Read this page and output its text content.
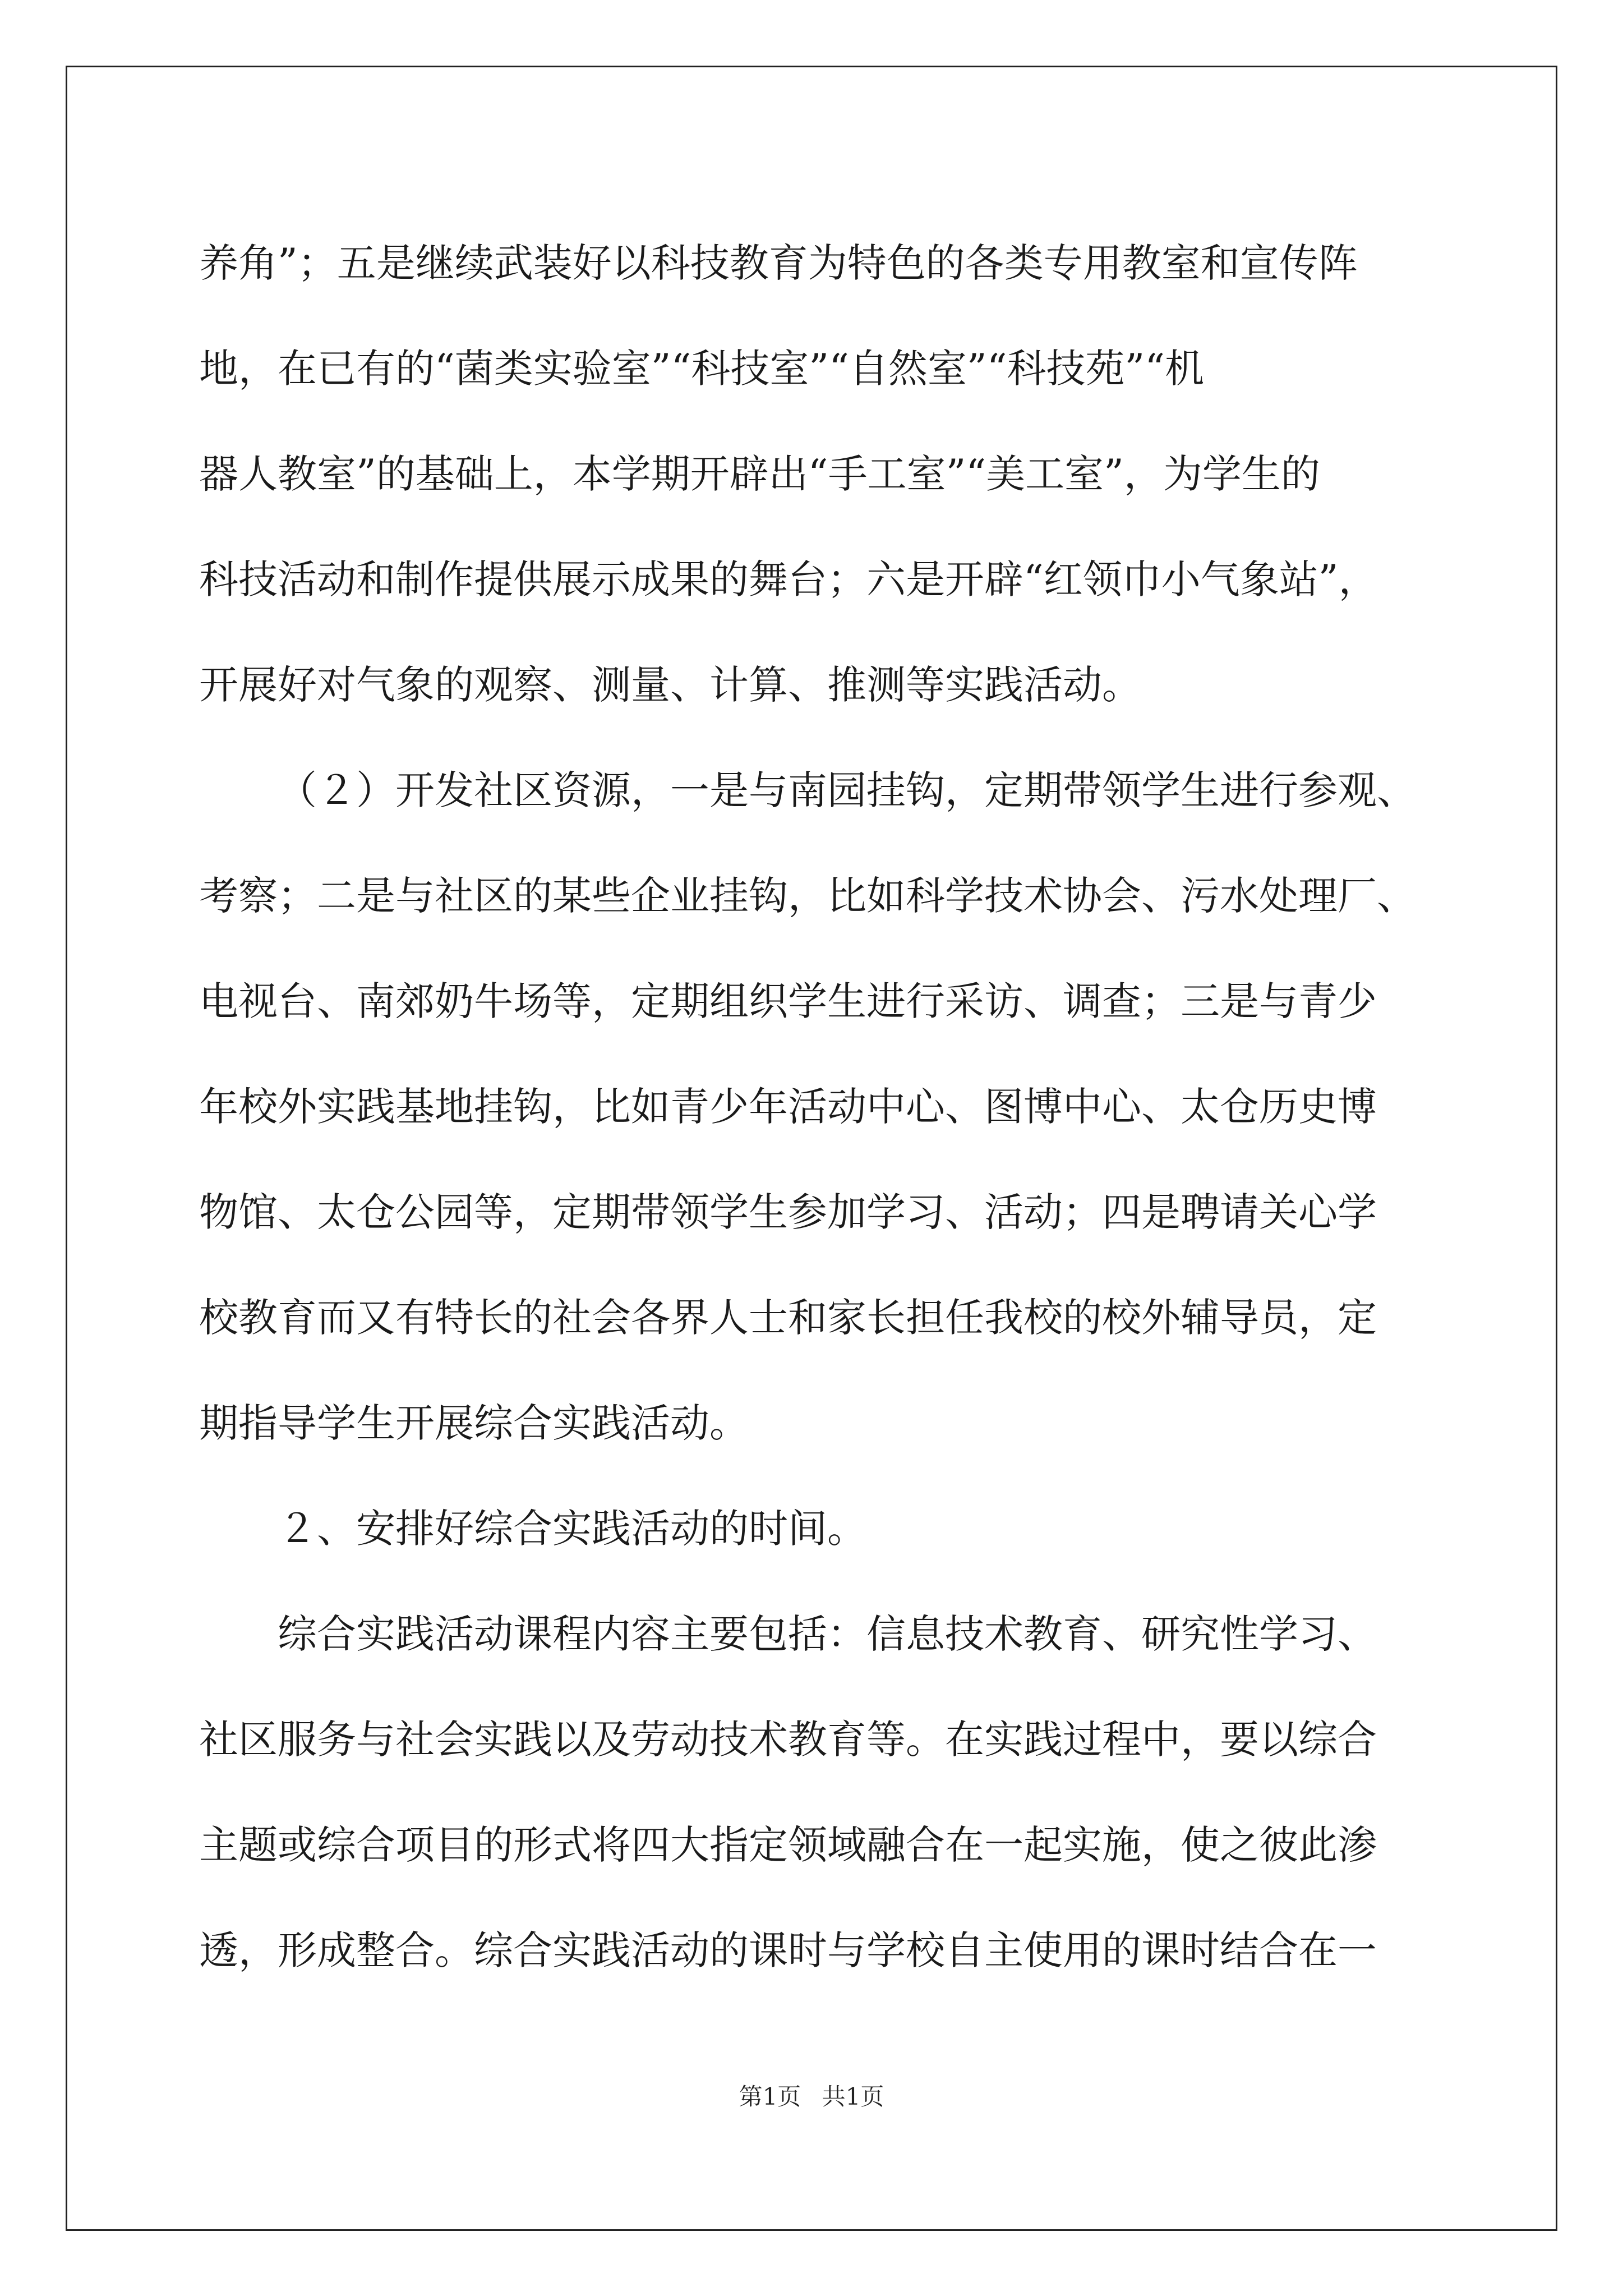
养角”；五是继续武装好以科技教育为特色的各类专用教室和宣传阵
地，在已有的“菌类实验室”“科技室”“自然室”“科技苑”“机
器人教室”的基础上，本学期开辟出“手工室”“美工室”，为学生的
科技活动和制作提供展示成果的舞台；六是开辟“红领巾小气象站”，
开展好对气象的观察、测量、计算、推测等实践活动。
（２）开发社区资源，一是与南园挂钩，定期带领学生进行参观、
考察；二是与社区的某些企业挂钩，比如科学技术协会、污水处理厂、
电视台、南郊奶牛场等，定期组织学生进行采访、调查；三是与青少
年校外实践基地挂钩，比如青少年活动中心、图博中心、太仓历史博
物馆、太仓公园等，定期带领学生参加学习、活动；四是聘请关心学
校教育而又有特长的社会各界人士和家长担任我校的校外辅导员，定
期指导学生开展综合实践活动。
２、安排好综合实践活动的时间。
综合实践活动课程内容主要包括：信息技术教育、研究性学习、
社区服务与社会实践以及劳动技术教育等。在实践过程中，要以综合
主题或综合项目的形式将四大指定领域融合在一起实施，使之彼此渗
透，形成整合。综合实践活动的课时与学校自主使用的课时结合在一
第1页 共1页
